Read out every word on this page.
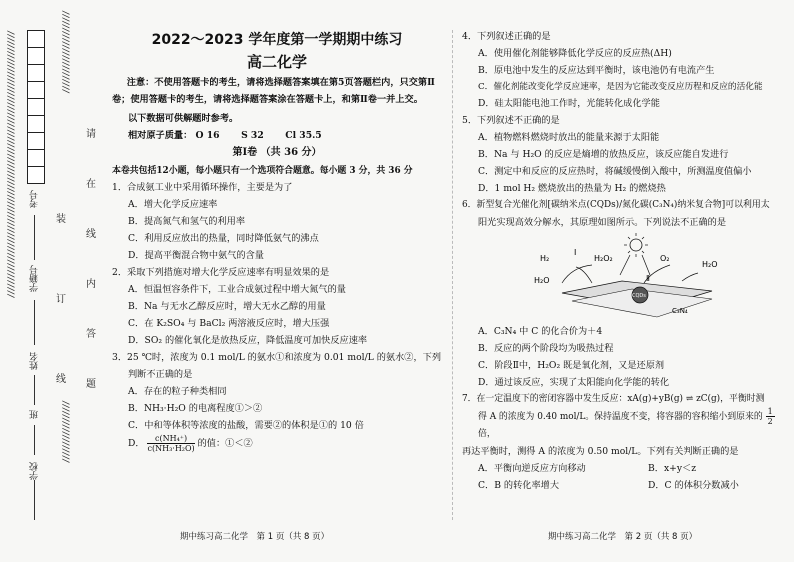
//////////////////////////////////////////////////////////////////////////////	////////////////////////
//////////////////
考号
学籍号
姓名
班
学校
装
订
线
请
在
线
内
答
题
2022～2023 学年度第一学期期中练习
高二化学

注意：不使用答题卡的考生，请将选择题答案填在第5页答题栏内，只交第Ⅱ卷；使用答题卡的考生，请将选择题答案涂在答题卡上，和第Ⅱ卷一并上交。

以下数据可供解题时参考。

相对原子质量： O 16　　 S 32　　 Cl 35.5

第Ⅰ卷 （共 36 分）

本卷共包括12小题，每小题只有一个选项符合题意。每小题 3 分，共 36 分

1．合成氨工业中采用循环操作，主要是为了

A．增大化学反应速率

B．提高氮气和氢气的利用率

C．利用反应放出的热量，同时降低氨气的沸点

D．提高平衡混合物中氨气的含量

2．采取下列措施对增大化学反应速率有明显效果的是

A．恒温恒容条件下，工业合成氨过程中增大氮气的量

B．Na 与无水乙醇反应时，增大无水乙醇的用量

C．在 K₂SO₄ 与 BaCl₂ 两溶液反应时，增大压强

D．SO₂ 的催化氧化是放热反应，降低温度可加快反应速率

3．25 ℃时，浓度为 0.1 mol/L 的氨水①和浓度为 0.01 mol/L 的氨水②，下列

判断不正确的是

A．存在的粒子种类相同

B．NH₃·H₂O 的电离程度①＞②

C．中和等体积等浓度的盐酸，需要②的体积是①的 10 倍

D． $\frac{\text{c(NH₄⁺)}}{\text{c(NH₃·H₂O)}}$ 的值：①＜②

4．下列叙述正确的是

A．使用催化剂能够降低化学反应的反应热(ΔH)

B．原电池中发生的反应达到平衡时，该电池仍有电流产生

C．催化剂能改变化学反应速率，是因为它能改变反应历程和反应的活化能

D．硅太阳能电池工作时，光能转化成化学能

5．下列叙述不正确的是

A．植物燃料燃烧时放出的能量来源于太阳能

B．Na 与 H₂O 的反应是熵增的放热反应，该反应能自发进行

C．测定中和反应的反应热时，将碱缓慢倒入酸中，所测温度值偏小

D．1 mol H₂ 燃烧放出的热量为 H₂ 的燃烧热

6．新型复合光催化剂[碳纳米点(CQDs)/氮化碳(C₃N₄)纳米复合物]可以利用太

阳光实现高效分解水，其原理如图所示。下列说法不正确的是

H₂	H₂O₂	O₂
H₂O
H₂O
Ⅰ
Ⅱ
CQDs
C₃N₄

A．C₃N₄ 中 C 的化合价为＋4

B．反应的两个阶段均为吸热过程

C．阶段Ⅱ中，H₂O₂ 既是氧化剂，又是还原剂

D．通过该反应，实现了太阳能向化学能的转化

7．在一定温度下的密闭容器中发生反应：xA(g)+yB(g) ⇌ zC(g)，平衡时测

得 A 的浓度为 0.40 mol/L。保持温度不变，将容器的容积缩小到原来的 $\frac{1}{2}$
倍，

再达平衡时，测得 A 的浓度为 0.50 mol/L。下列有关判断正确的是

A．平衡向逆反应方向移动	B．x+y＜z

C．B 的转化率增大	D．C 的体积分数减小

期中练习高二化学　第 1 页（共 8 页）	期中练习高二化学　第 2 页（共 8 页）
